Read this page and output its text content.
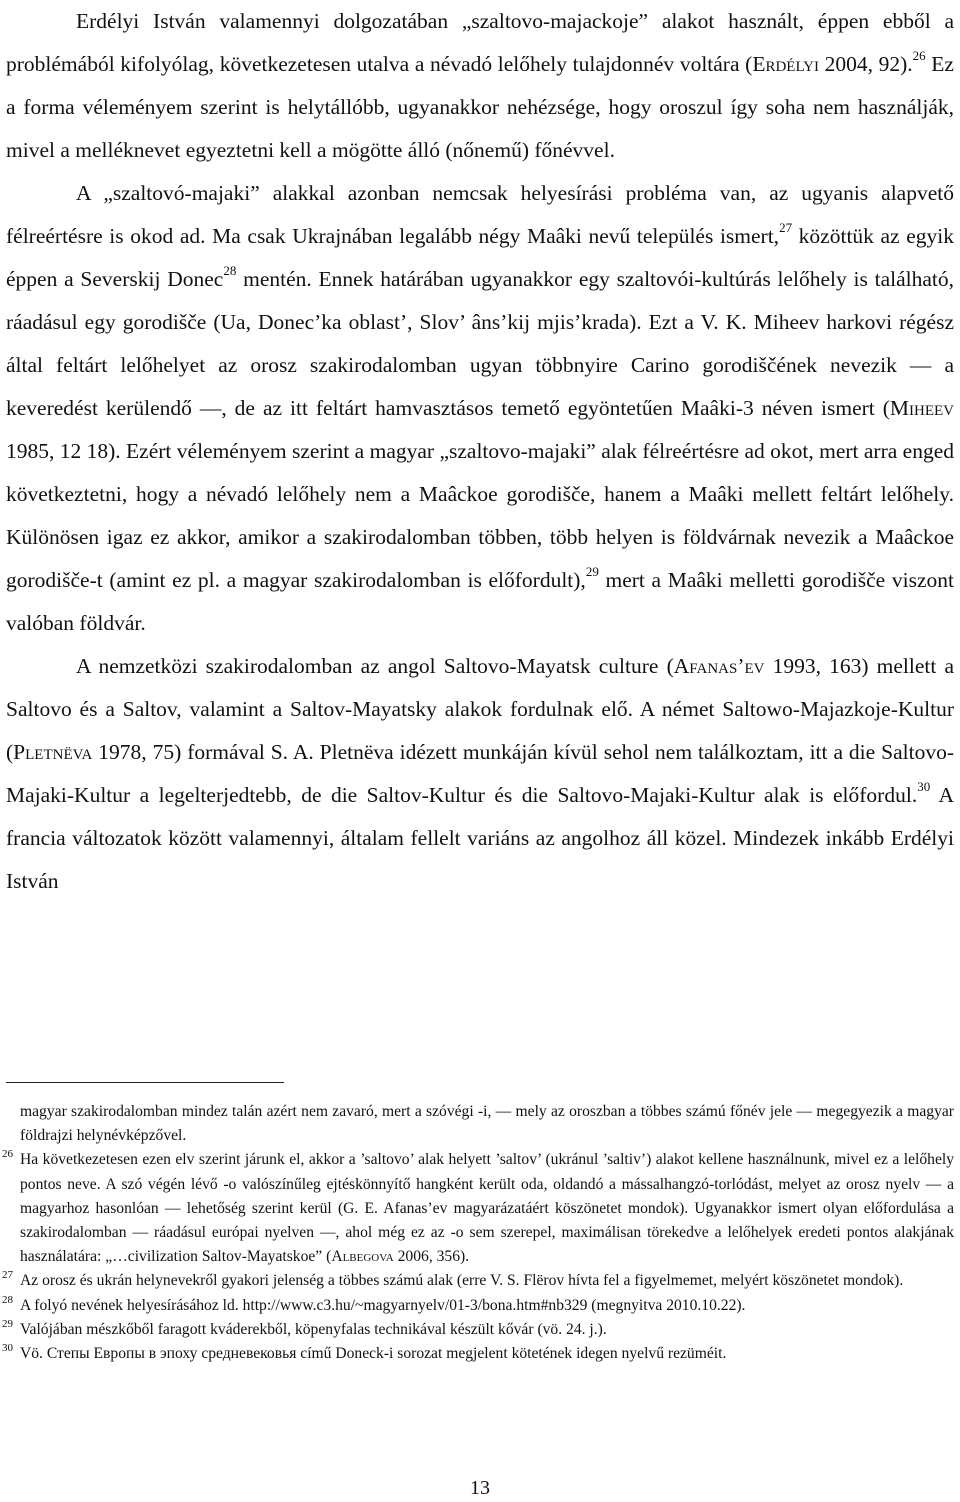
Erdélyi István valamennyi dolgozatában „szaltovo-majackoje” alakot használt, éppen ebből a problémából kifolyólag, következetesen utalva a névadó lelőhely tulajdonnév voltára (Erdélyi 2004, 92).$^{26}$ Ez a forma véleményem szerint is helytállóbb, ugyanakkor nehézsége, hogy oroszul így soha nem használják, mivel a melléknevet egyeztetni kell a mögötte álló (nőnemű) főnévvel.

A „szaltovó-majaki” alakkal azonban nemcsak helyesírási probléma van, az ugyanis alapvető félreértésre is okod ad. Ma csak Ukrajnában legalább négy Maâki nevű település ismert,$^{27}$ közöttük az egyik éppen a Severskij Donec$^{28}$ mentén. Ennek határában ugyanakkor egy szaltovói-kultúrás lelőhely is található, ráadásul egy gorodišče (Ua, Donec’ka oblast’, Slov’ âns’kij mjis’krada). Ezt a V. K. Miheev harkovi régész által feltárt lelőhelyet az orosz szakirodalomban ugyan többnyire Carino gorodiščének nevezik ― a keveredést kerülendő ―, de az itt feltárt hamvasztásos temető egyöntetűen Maâki-3 néven ismert (Miheev 1985, 12 18). Ezért véleményem szerint a magyar „szaltovo-majaki” alak félreértésre ad okot, mert arra enged következtetni, hogy a névadó lelőhely nem a Maâckoe gorodišče, hanem a Maâki mellett feltárt lelőhely. Különösen igaz ez akkor, amikor a szakirodalomban többen, több helyen is földvárnak nevezik a Maâckoe gorodišče-t (amint ez pl. a magyar szakirodalomban is előfordult),$^{29}$ mert a Maâki melletti gorodišče viszont valóban földvár.

A nemzetközi szakirodalomban az angol Saltovo-Mayatsk culture (Afanas’ev 1993, 163) mellett a Saltovo és a Saltov, valamint a Saltov-Mayatsky alakok fordulnak elő. A német Saltowo-Majazkoje-Kultur (Pletnëva 1978, 75) formával S. A. Pletnëva idézett munkáján kívül sehol nem találkoztam, itt a die Saltovo-Majaki-Kultur a legelterjedtebb, de die Saltov-Kultur és die Saltovo-Majaki-Kultur alak is előfordul.$^{30}$ A francia változatok között valamennyi, általam fellelt variáns az angolhoz áll közel. Mindezek inkább Erdélyi István

magyar szakirodalomban mindez talán azért nem zavaró, mert a szóvégi -i, ― mely az oroszban a többes számú főnév jele ― megegyezik a magyar földrajzi helynévképzővel.

26 Ha következetesen ezen elv szerint járunk el, akkor a ’saltovo’ alak helyett ’saltov’ (ukránul ’saltiv’) alakot kellene használnunk, mivel ez a lelőhely pontos neve. A szó végén lévő -o valószínűleg ejtéskönnyítő hangként került oda, oldandó a mássalhangzó-torlódást, melyet az orosz nyelv ― a magyarhoz hasonlóan ― lehetőség szerint kerül (G. E. Afanas’ev magyarázatáért köszönetet mondok). Ugyanakkor ismert olyan előfordulása a szakirodalomban ― ráadásul európai nyelven ―, ahol még ez az -o sem szerepel, maximálisan törekedve a lelőhelyek eredeti pontos alakjának használatára: „…civilization Saltov-Mayatskoe” (Albegova 2006, 356).

27 Az orosz és ukrán helynevekről gyakori jelenség a többes számú alak (erre V. S. Flërov hívta fel a figyelmemet, melyért köszönetet mondok).

28 A folyó nevének helyesírásához ld. http://www.c3.hu/~magyarnyelv/01-3/bona.htm#nb329 (megnyitva 2010.10.22).

29 Valójában mészkőből faragott kváderekből, köpenyfalas technikával készült kővár (vö. 24. j.).

30 Vö. Степы Европы в эпоху средневековья című Doneck-i sorozat megjelent kötetének idegen nyelvű rezüméit.

13
